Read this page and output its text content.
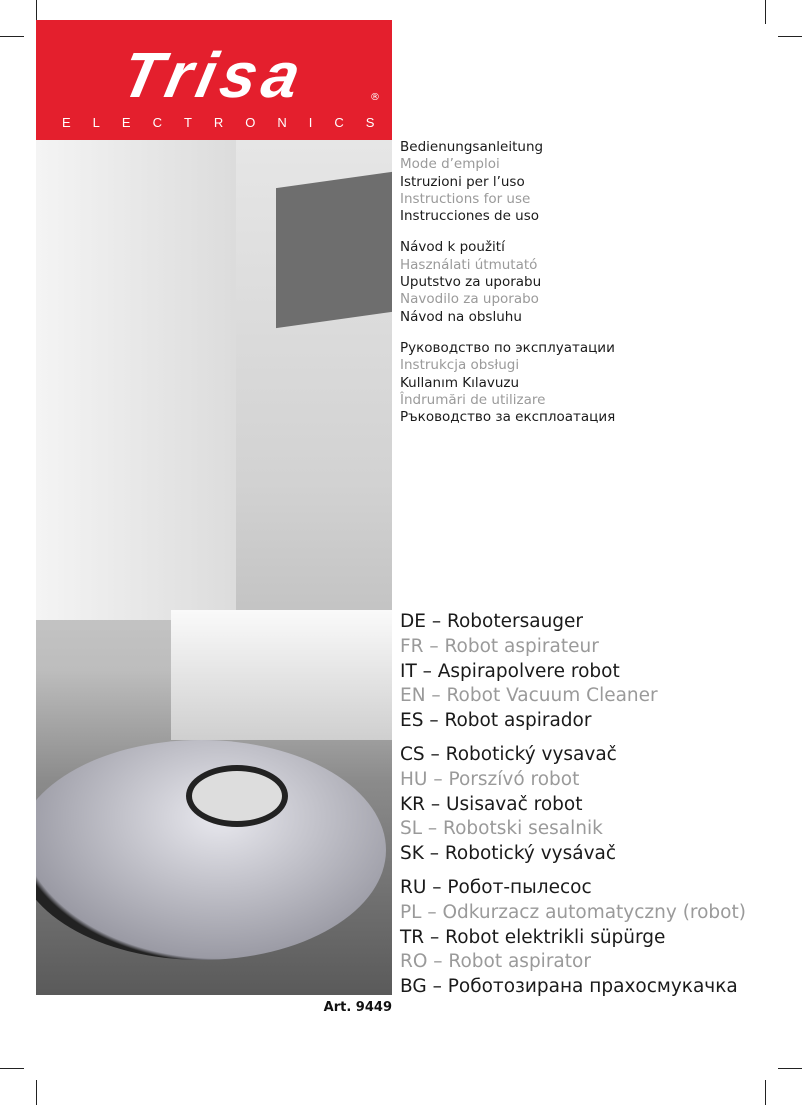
Trisa	®
ELECTRONICS
Bedienungsanleitung
Mode d’emploi
Istruzioni per l’uso
Instructions for use
Instrucciones de uso
Návod k použití
Használati útmutató
Uputstvo za uporabu
Navodilo za uporabo
Návod na obsluhu
Руководство по эксплуатации
Instrukcja obsługi
Kullanım Kılavuzu
Îndrumări de utilizare
Ръководство за експлоатация
DE – Robotersauger
FR – Robot aspirateur
IT – Aspirapolvere robot
EN – Robot Vacuum Cleaner
ES – Robot aspirador
CS – Robotický vysavač
HU – Porszívó robot
KR – Usisavač robot
SL – Robotski sesalnik
SK – Robotický vysávač
RU – Робот-пылесос
PL – Odkurzacz automatyczny (robot)
TR – Robot elektrikli süpürge
RO – Robot aspirator
BG – Роботозирана прахосмукачка
Art. 9449
